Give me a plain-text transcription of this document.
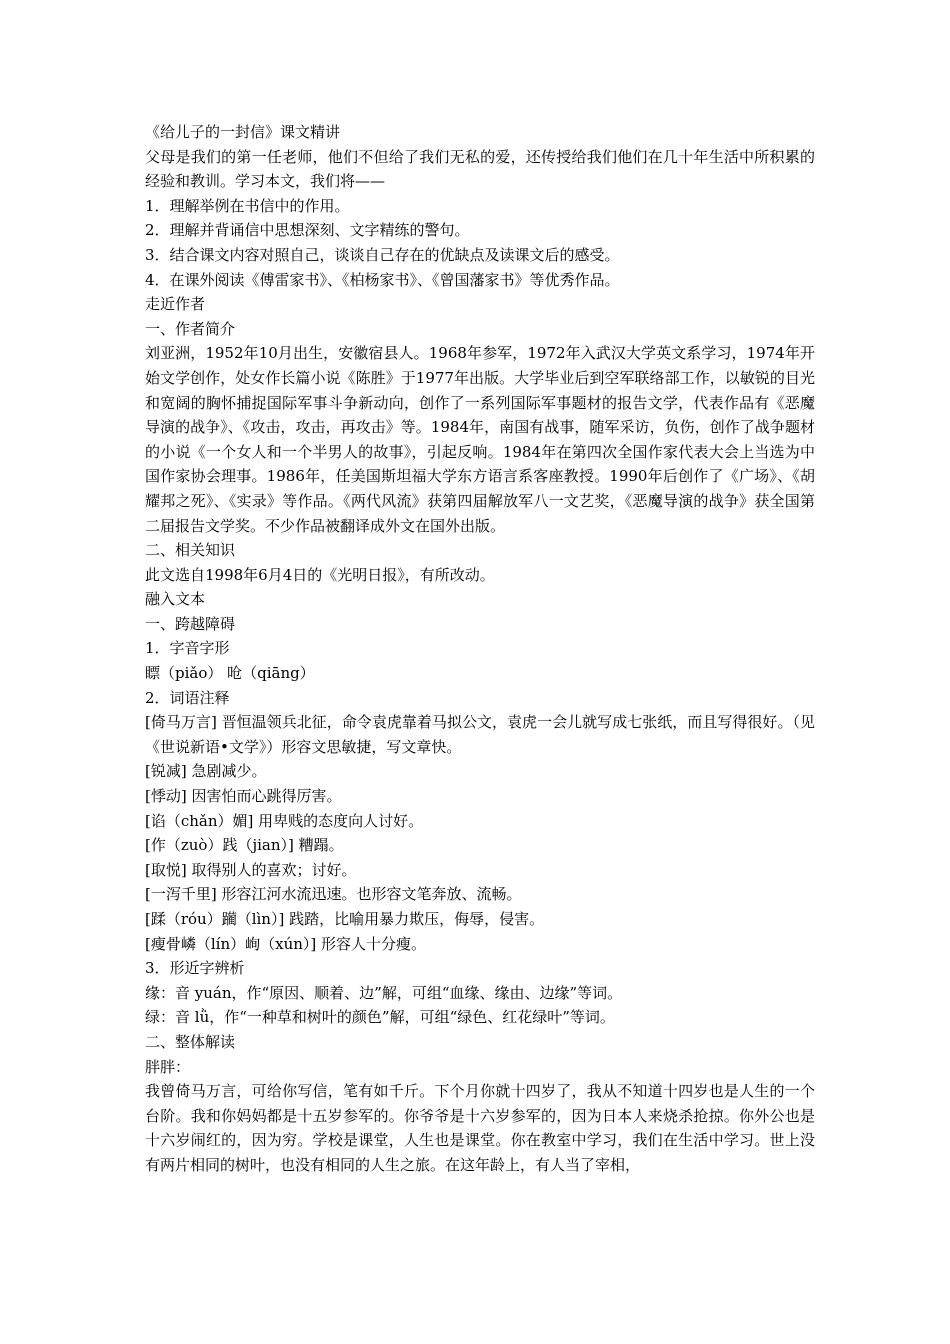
《给儿子的一封信》课文精讲

父母是我们的第一任老师，他们不但给了我们无私的爱，还传授给我们他们在几十年生活中所积累的经验和教训。学习本文，我们将——

1．理解举例在书信中的作用。

2．理解并背诵信中思想深刻、文字精练的警句。

3．结合课文内容对照自己，谈谈自己存在的优缺点及读课文后的感受。

4．在课外阅读《傅雷家书》、《柏杨家书》、《曾国藩家书》等优秀作品。

走近作者

一、作者简介

刘亚洲，1952年10月出生，安徽宿县人。1968年参军，1972年入武汉大学英文系学习，1974年开始文学创作，处女作长篇小说《陈胜》于1977年出版。大学毕业后到空军联络部工作，以敏锐的目光和宽阔的胸怀捕捉国际军事斗争新动向，创作了一系列国际军事题材的报告文学，代表作品有《恶魔导演的战争》、《攻击，攻击，再攻击》等。1984年，南国有战事，随军采访，负伤，创作了战争题材的小说《一个女人和一个半男人的故事》，引起反响。1984年在第四次全国作家代表大会上当选为中国作家协会理事。1986年，任美国斯坦福大学东方语言系客座教授。1990年后创作了《广场》、《胡耀邦之死》、《实录》等作品。《两代风流》获第四届解放军八一文艺奖，《恶魔导演的战争》获全国第二届报告文学奖。不少作品被翻译成外文在国外出版。

二、相关知识

此文选自1998年6月4日的《光明日报》，有所改动。

融入文本

一、跨越障碍

1．字音字形

瞟（piǎo） 呛（qiāng）

2．词语注释

[倚马万言] 晋恒温领兵北征，命令袁虎靠着马拟公文，袁虎一会儿就写成七张纸，而且写得很好。（见《世说新语•文学》）形容文思敏捷，写文章快。

[锐减] 急剧减少。

[悸动] 因害怕而心跳得厉害。

[谄（chǎn）媚] 用卑贱的态度向人讨好。

[作（zuò）践（jian）] 糟蹋。

[取悦] 取得别人的喜欢；讨好。

[一泻千里] 形容江河水流迅速。也形容文笔奔放、流畅。

[蹂（róu）躏（lìn）] 践踏，比喻用暴力欺压，侮辱，侵害。

[瘦骨嶙（lín）峋（xún）] 形容人十分瘦。

3．形近字辨析

缘：音 yuán，作“原因、顺着、边”解，可组“血缘、缘由、边缘”等词。

绿：音 lǜ，作“一种草和树叶的颜色”解，可组“绿色、红花绿叶”等词。

二、整体解读

胖胖：

我曾倚马万言，可给你写信，笔有如千斤。下个月你就十四岁了，我从不知道十四岁也是人生的一个台阶。我和你妈妈都是十五岁参军的。你爷爷是十六岁参军的，因为日本人来烧杀抢掠。你外公也是十六岁闹红的，因为穷。学校是课堂，人生也是课堂。你在教室中学习，我们在生活中学习。世上没有两片相同的树叶，也没有相同的人生之旅。在这年龄上，有人当了宰相，
